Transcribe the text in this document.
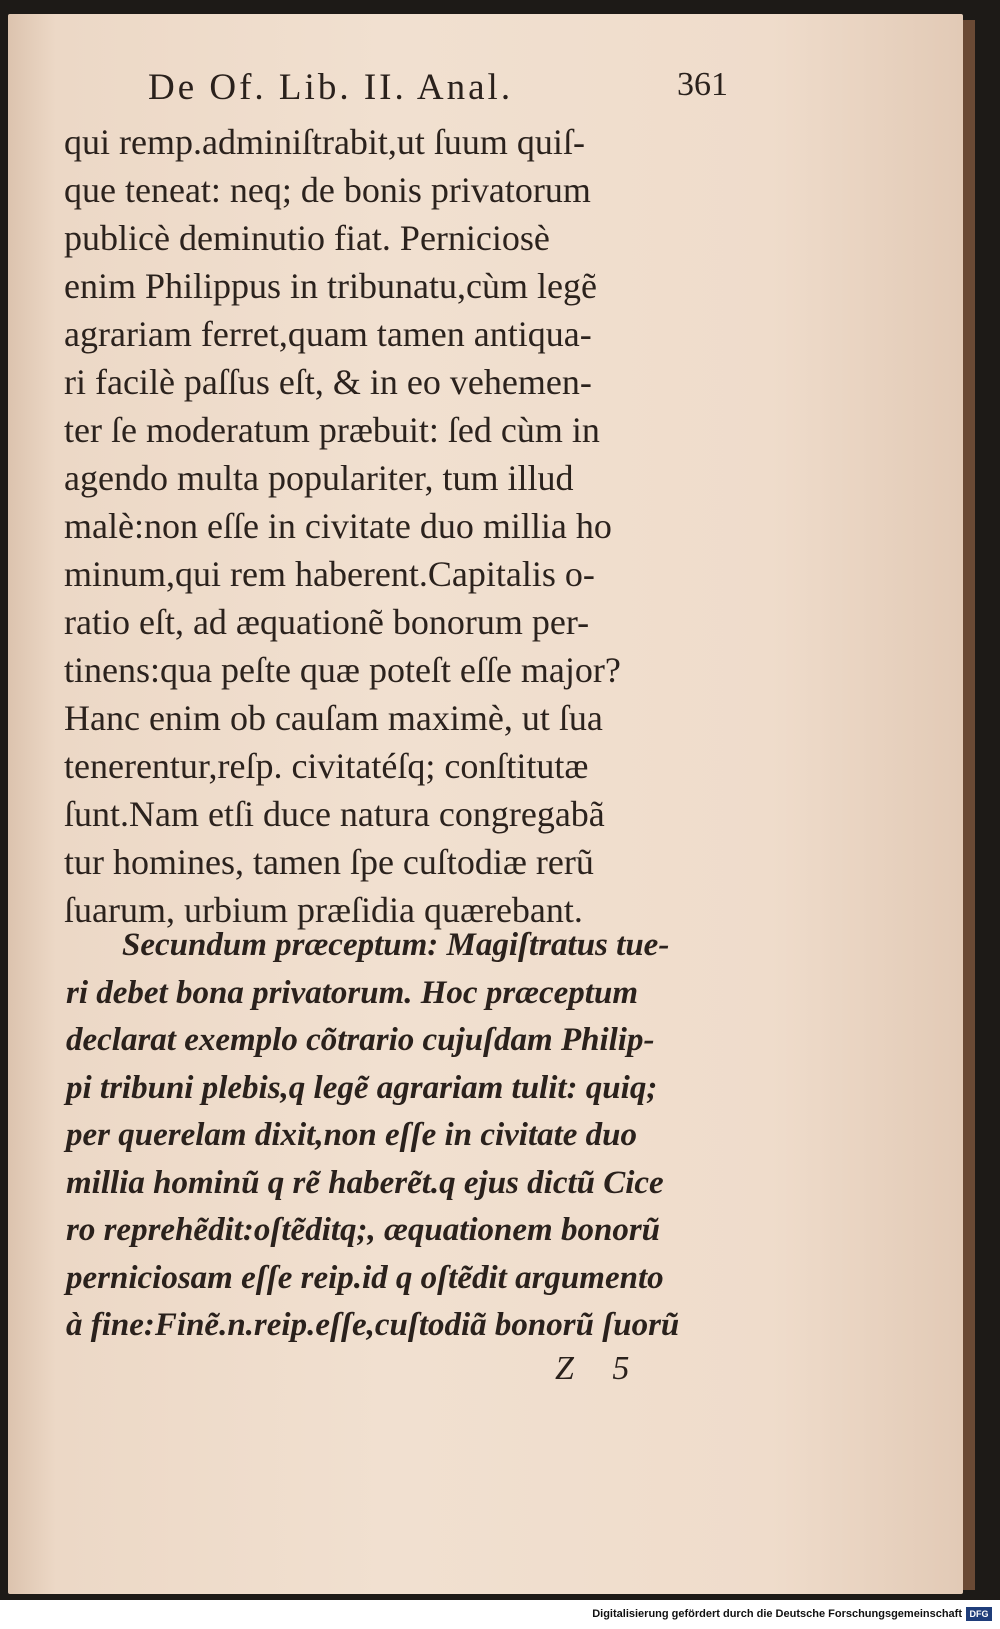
De Of. Lib. II. Anal.	361
qui remp.adminiſtrabit,ut ſuum quiſ-
que teneat: neq; de bonis privatorum
publicè deminutio fiat. Perniciosè
enim Philippus in tribunatu,cùm legẽ
agrariam ferret,quam tamen antiqua-
ri facilè paſſus eſt, & in eo vehemen-
ter ſe moderatum præbuit: ſed cùm in
agendo multa populariter, tum illud
malè:non eſſe in civitate duo millia ho
minum,qui rem haberent.Capitalis o-
ratio eſt, ad æquationẽ bonorum per-
tinens:qua peſte quæ poteſt eſſe major?
Hanc enim ob cauſam maximè, ut ſua
tenerentur,reſp. civitatéſq; conſtitutæ
ſunt.Nam etſi duce natura congregabã
tur homines, tamen ſpe cuſtodiæ rerũ
ſuarum, urbium præſidia quærebant.
Secundum præceptum: Magiſtratus tue-
ri debet bona privatorum. Hoc præceptum
declarat exemplo cõtrario cujuſdam Philip-
pi tribuni plebis,q legẽ agrariam tulit: quiq;
per querelam dixit,non eſſe in civitate duo
millia hominũ q rẽ haberẽt.q ejus dictũ Cice
ro reprehẽdit:oſtẽditq;, æquationem bonorũ
perniciosam eſſe reip.id q oſtẽdit argumento
à fine:Finẽ.n.reip.eſſe,cuſtodiã bonorũ ſuorũ
Z 5
Digitalisierung gefördert durch die Deutsche Forschungsgemeinschaft DFG
